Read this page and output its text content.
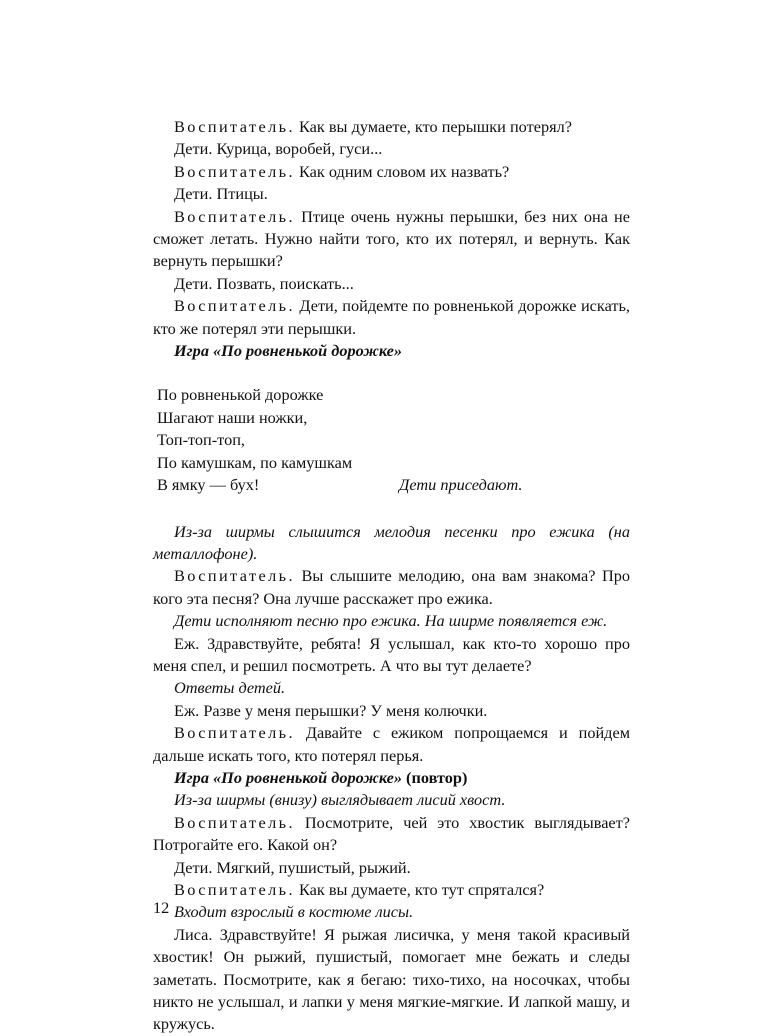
Воспитатель. Как вы думаете, кто перышки потерял?

Дети. Курица, воробей, гуси...

Воспитатель. Как одним словом их назвать?

Дети. Птицы.

Воспитатель. Птице очень нужны перышки, без них она не сможет летать. Нужно найти того, кто их потерял, и вернуть. Как вернуть перышки?

Дети. Позвать, поискать...

Воспитатель. Дети, пойдемте по ровненькой дорожке искать, кто же потерял эти перышки.

Игра «По ровненькой дорожке»

По ровненькой дорожке

Шагают наши ножки,

Топ-топ-топ,

По камушкам, по камушкам

В ямку — бух!	Дети приседают.

Из-за ширмы слышится мелодия песенки про ежика (на металлофоне).

Воспитатель. Вы слышите мелодию, она вам знакома? Про кого эта песня? Она лучше расскажет про ежика.

Дети исполняют песню про ежика. На ширме появляется еж.

Еж. Здравствуйте, ребята! Я услышал, как кто-то хорошо про меня спел, и решил посмотреть. А что вы тут делаете?

Ответы детей.

Еж. Разве у меня перышки? У меня колючки.

Воспитатель. Давайте с ежиком попрощаемся и пойдем дальше искать того, кто потерял перья.

Игра «По ровненькой дорожке» (повтор)

Из-за ширмы (внизу) выглядывает лисий хвост.

Воспитатель. Посмотрите, чей это хвостик выглядывает? Потрогайте его. Какой он?

Дети. Мягкий, пушистый, рыжий.

Воспитатель. Как вы думаете, кто тут спрятался?

Входит взрослый в костюме лисы.

Лиса. Здравствуйте! Я рыжая лисичка, у меня такой красивый хвостик! Он рыжий, пушистый, помогает мне бежать и следы заметать. Посмотрите, как я бегаю: тихо-тихо, на носочках, чтобы никто не услышал, и лапки у меня мягкие-мягкие. И лапкой машу, и кружусь.

12
